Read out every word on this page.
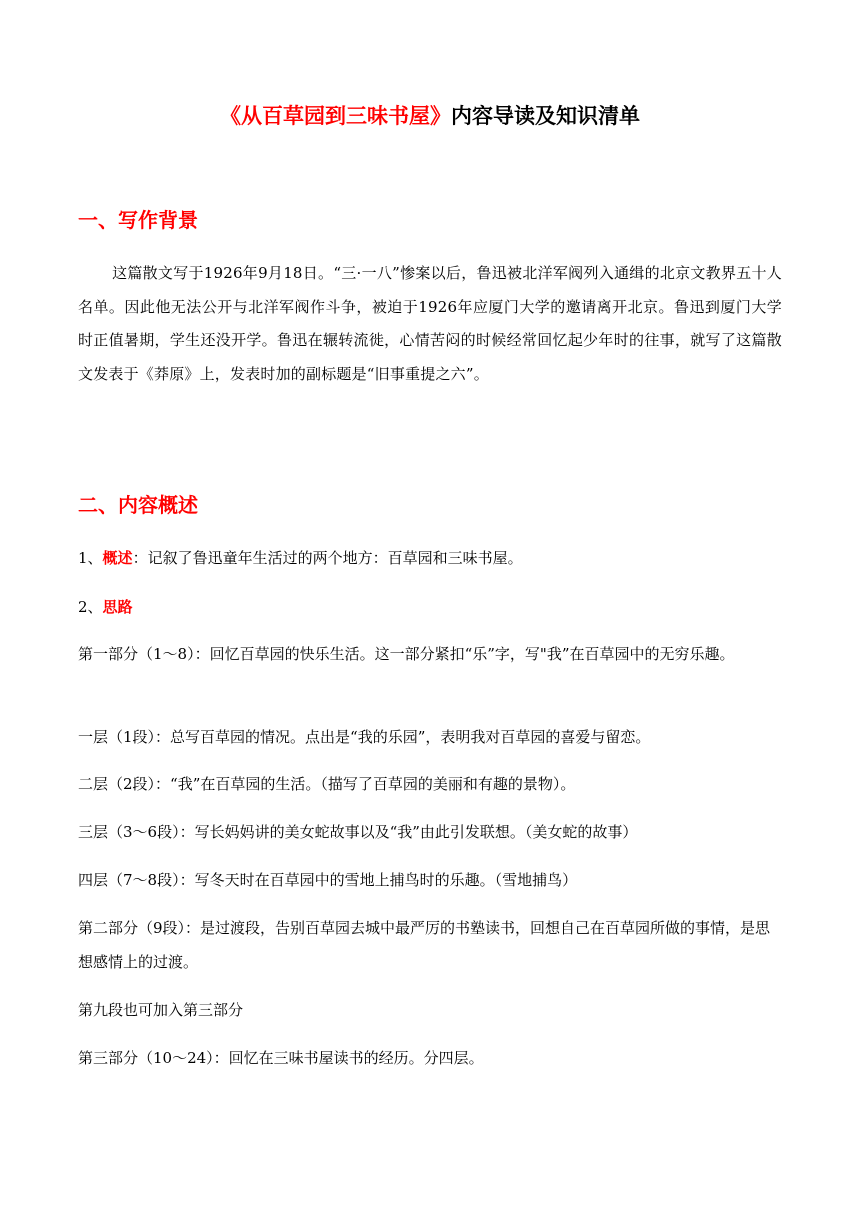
《从百草园到三味书屋》内容导读及知识清单
一、写作背景
这篇散文写于1926年9月18日。“三·一八”惨案以后，鲁迅被北洋军阀列入通缉的北京文教界五十人名单。因此他无法公开与北洋军阀作斗争，被迫于1926年应厦门大学的邀请离开北京。鲁迅到厦门大学时正值暑期，学生还没开学。鲁迅在辗转流徙，心情苦闷的时候经常回忆起少年时的往事，就写了这篇散文发表于《莽原》上，发表时加的副标题是“旧事重提之六”。
二、内容概述
1、概述：记叙了鲁迅童年生活过的两个地方：百草园和三味书屋。
2、思路
第一部分（1～8）：回忆百草园的快乐生活。这一部分紧扣“乐”字，写"我”在百草园中的无穷乐趣。
一层（1段）：总写百草园的情况。点出是“我的乐园”，表明我对百草园的喜爱与留恋。
二层（2段）：“我”在百草园的生活。（描写了百草园的美丽和有趣的景物）。
三层（3～6段）：写长妈妈讲的美女蛇故事以及“我”由此引发联想。（美女蛇的故事）
四层（7～8段）：写冬天时在百草园中的雪地上捕鸟时的乐趣。（雪地捕鸟）
第二部分（9段）：是过渡段，告别百草园去城中最严厉的书塾读书，回想自己在百草园所做的事情，是思想感情上的过渡。
第九段也可加入第三部分
第三部分（10～24）：回忆在三味书屋读书的经历。分四层。
